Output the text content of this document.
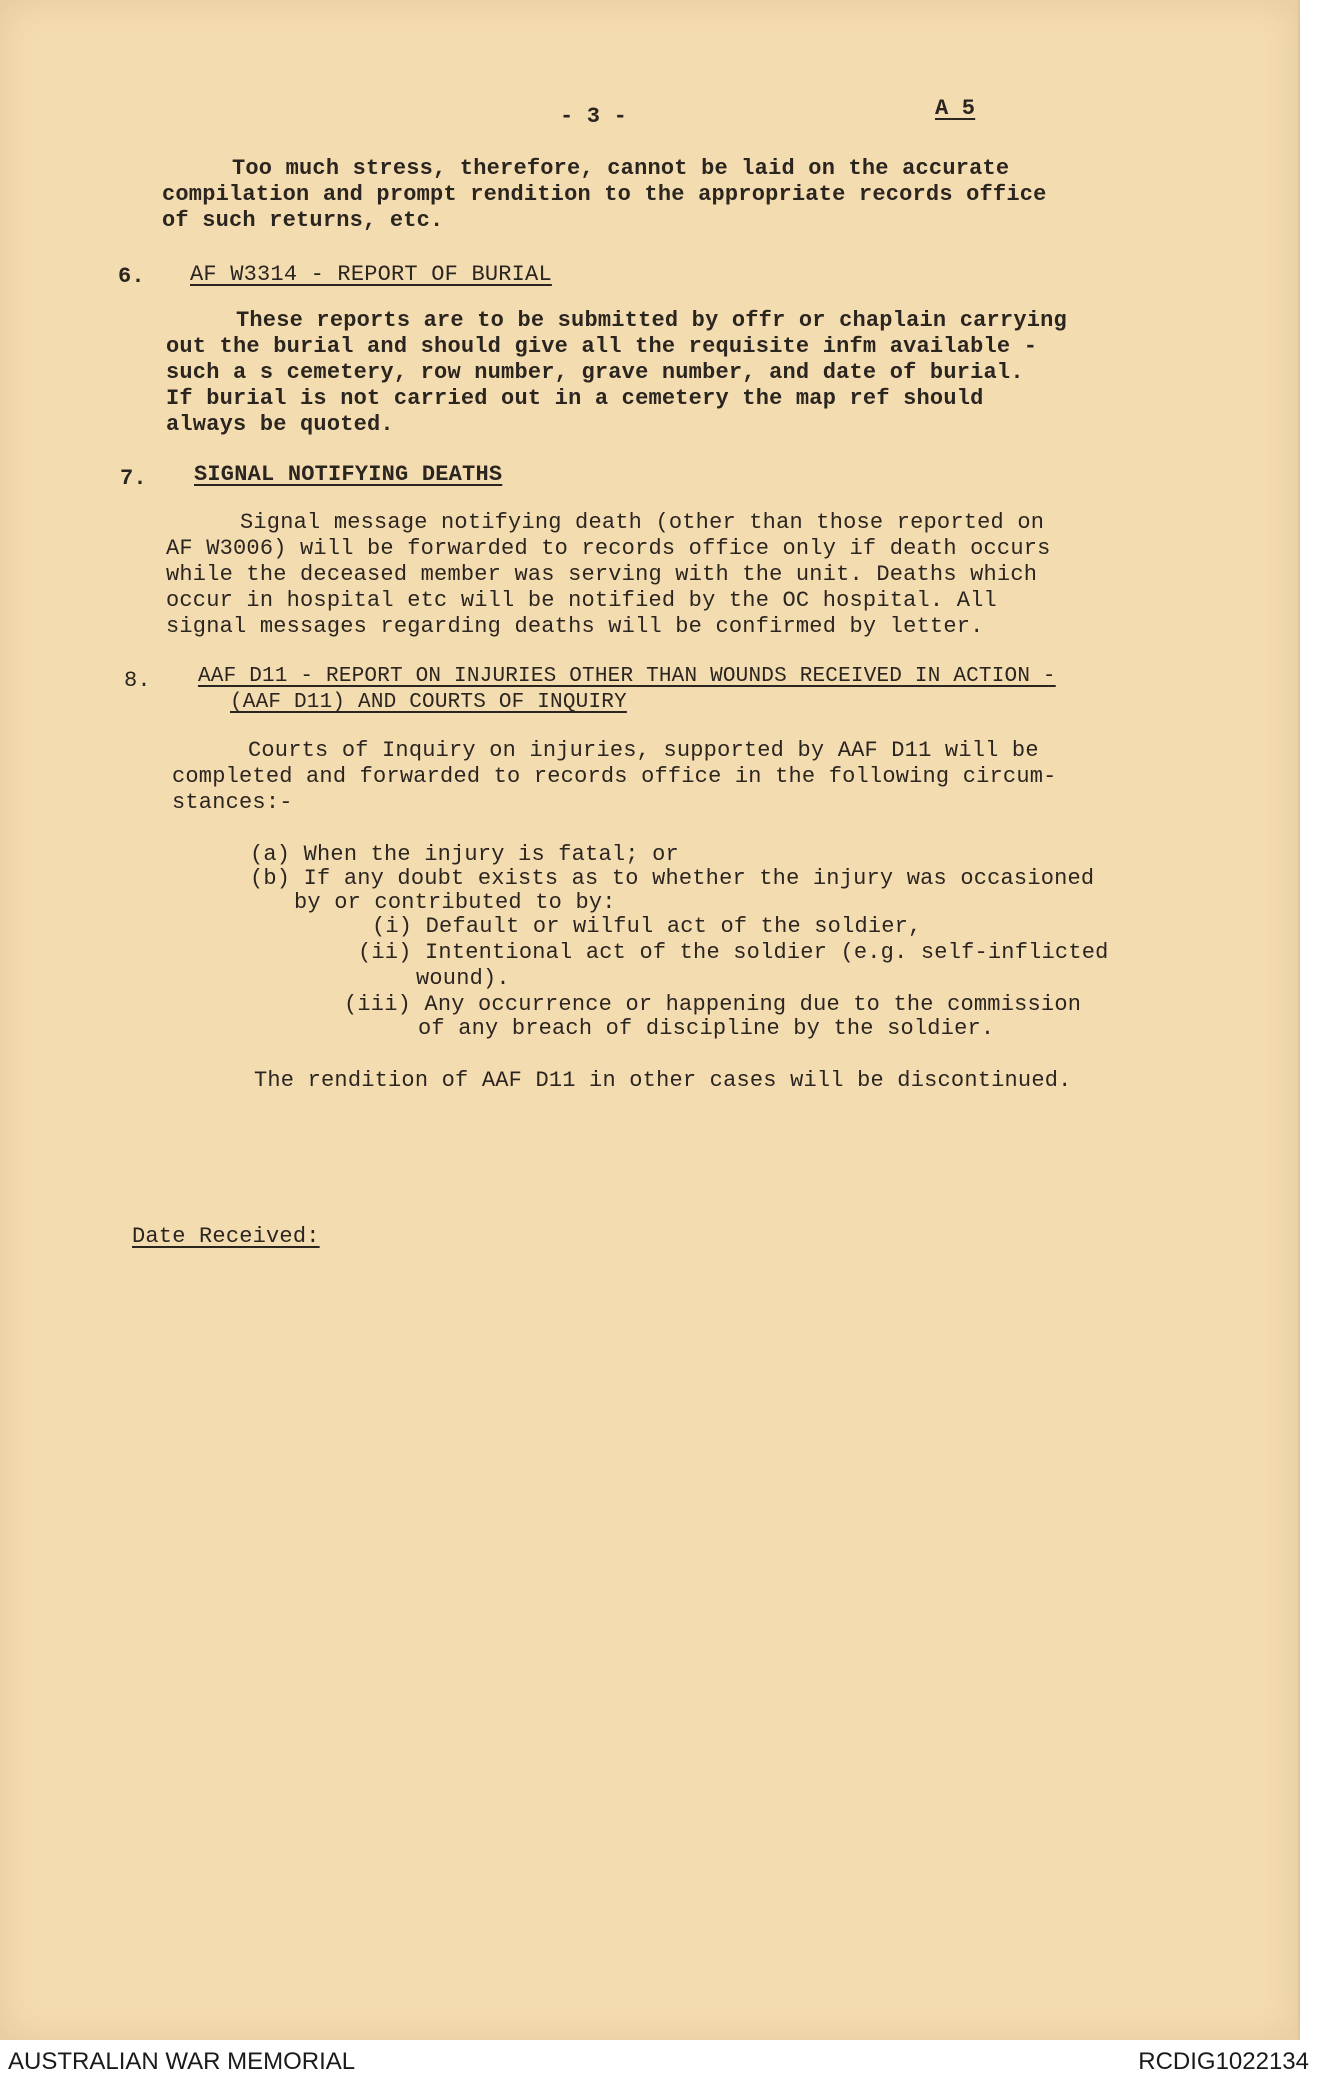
- 3 -	A 5
Too much stress, therefore, cannot be laid on the accurate
compilation and prompt rendition to the appropriate records office
of such returns, etc.
6. AF W3314 - REPORT OF BURIAL
These reports are to be submitted by offr or chaplain carrying
out the burial and should give all the requisite infm available -
such a s cemetery, row number, grave number, and date of burial.
If burial is not carried out in a cemetery the map ref should
always be quoted.
7. SIGNAL NOTIFYING DEATHS
Signal message notifying death (other than those reported on
AF W3006) will be forwarded to records office only if death occurs
while the deceased member was serving with the unit. Deaths which
occur in hospital etc will be notified by the OC hospital. All
signal messages regarding deaths will be confirmed by letter.
8. AAF D11 - REPORT ON INJURIES OTHER THAN WOUNDS RECEIVED IN ACTION -
(AAF D11) AND COURTS OF INQUIRY
Courts of Inquiry on injuries, supported by AAF D11 will be
completed and forwarded to records office in the following circum-
stances:-
(a) When the injury is fatal; or
(b) If any doubt exists as to whether the injury was occasioned
by or contributed to by:
(i) Default or wilful act of the soldier,
(ii) Intentional act of the soldier (e.g. self-inflicted
wound).
(iii) Any occurrence or happening due to the commission
of any breach of discipline by the soldier.
The rendition of AAF D11 in other cases will be discontinued.
Date Received:
AUSTRALIAN WAR MEMORIAL	RCDIG1022134
